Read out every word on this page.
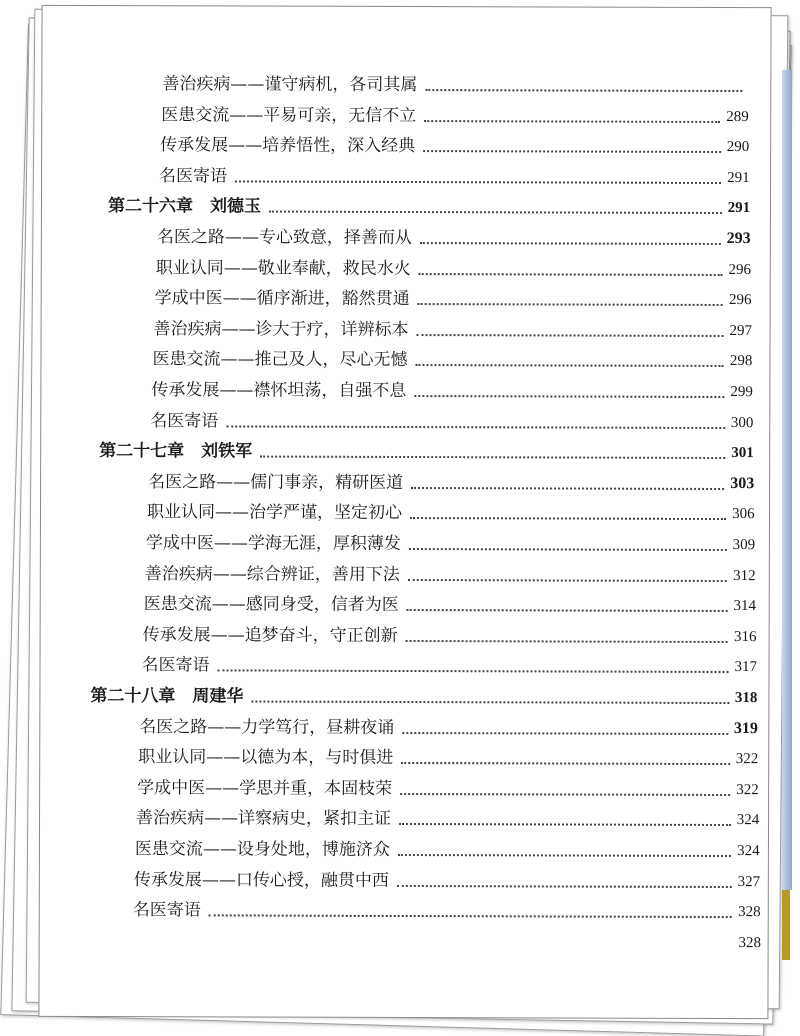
善治疾病——谨守病机，各司其属
医患交流——平易可亲，无信不立	289
传承发展——培养悟性，深入经典	290
名医寄语	291
第二十六章　刘德玉	291
名医之路——专心致意，择善而从	293
职业认同——敬业奉献，救民水火	296
学成中医——循序渐进，豁然贯通	296
善治疾病——诊大于疗，详辨标本	297
医患交流——推己及人，尽心无憾	298
传承发展——襟怀坦荡，自强不息	299
名医寄语	300
第二十七章　刘铁军	301
名医之路——儒门事亲，精研医道	303
职业认同——治学严谨，坚定初心	306
学成中医——学海无涯，厚积薄发	309
善治疾病——综合辨证，善用下法	312
医患交流——感同身受，信者为医	314
传承发展——追梦奋斗，守正创新	316
名医寄语	317
第二十八章　周建华	318
名医之路——力学笃行，昼耕夜诵	319
职业认同——以德为本，与时俱进	322
学成中医——学思并重，本固枝荣	322
善治疾病——详察病史，紧扣主证	324
医患交流——设身处地，博施济众	324
传承发展——口传心授，融贯中西	327
名医寄语	328
328
